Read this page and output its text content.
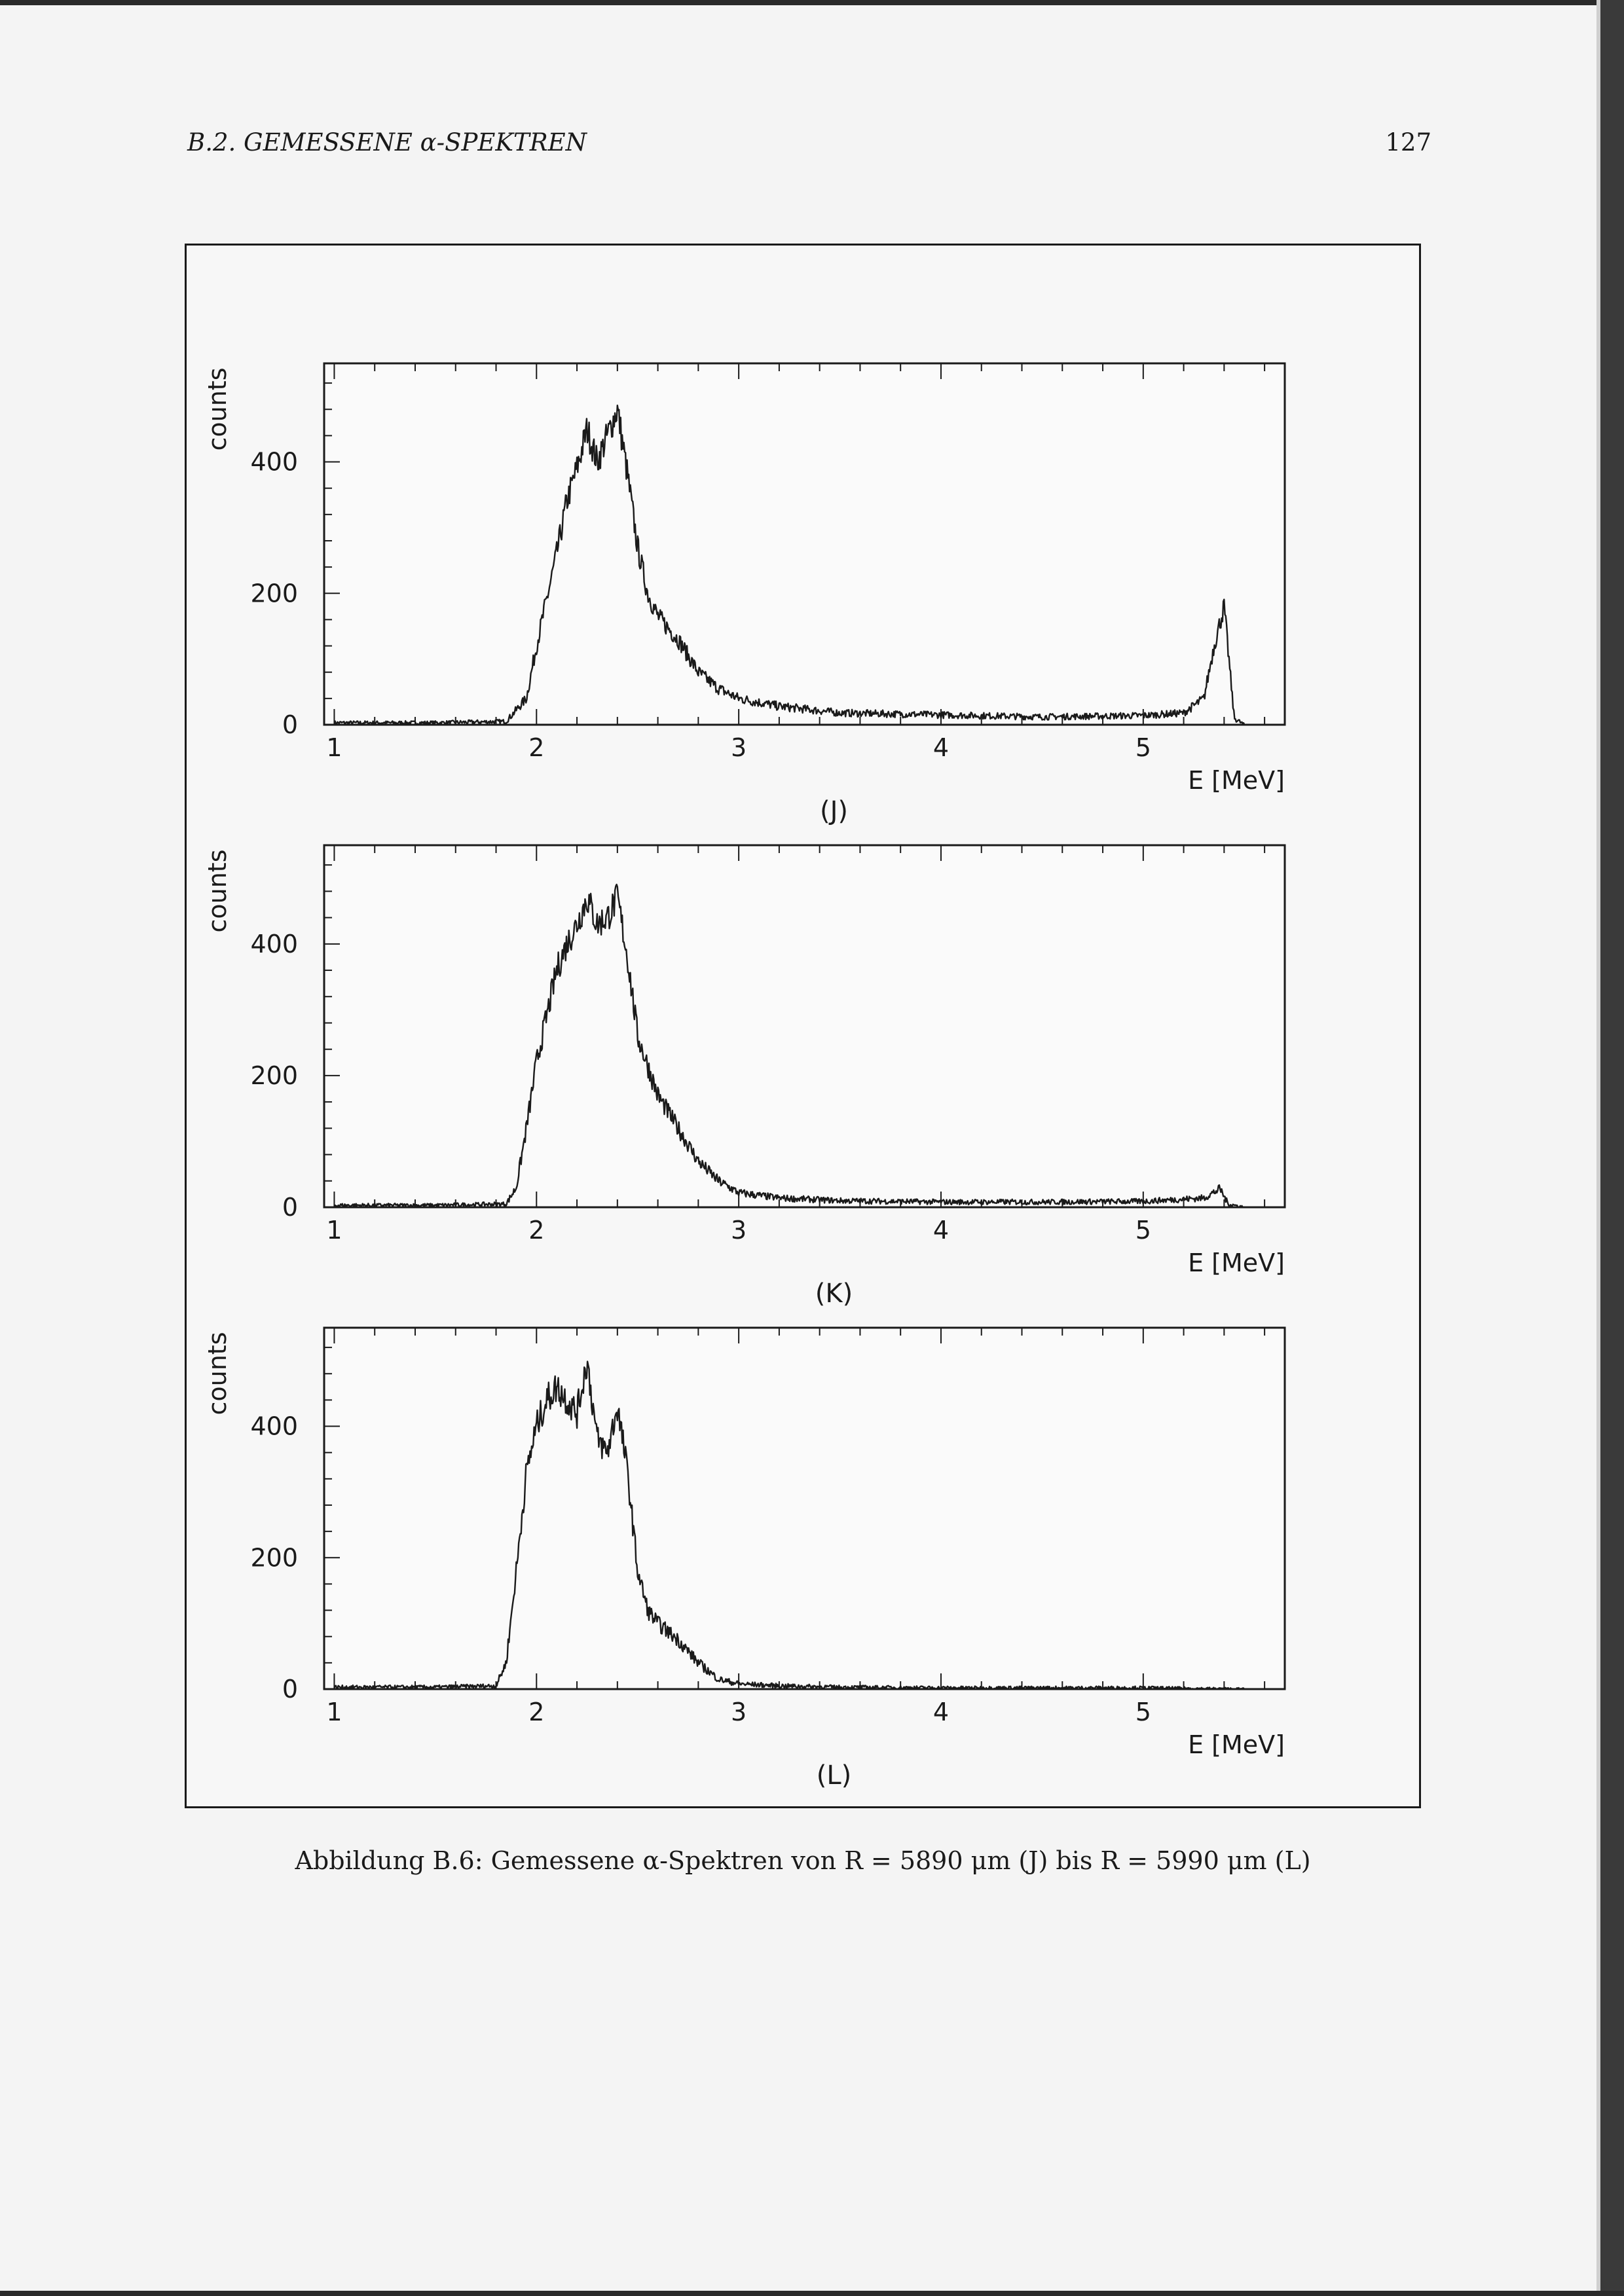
B.2. GEMESSENE α-SPEKTREN	127
1	2	3	4	5
0
200
400
counts
E [MeV]
(J)
1	2	3	4	5
0
200
400
counts
E [MeV]
(K)
1	2	3	4	5
0
200
400
counts
E [MeV]
(L)
Abbildung B.6: Gemessene α-Spektren von R = 5890 μm (J) bis R = 5990 μm (L)
